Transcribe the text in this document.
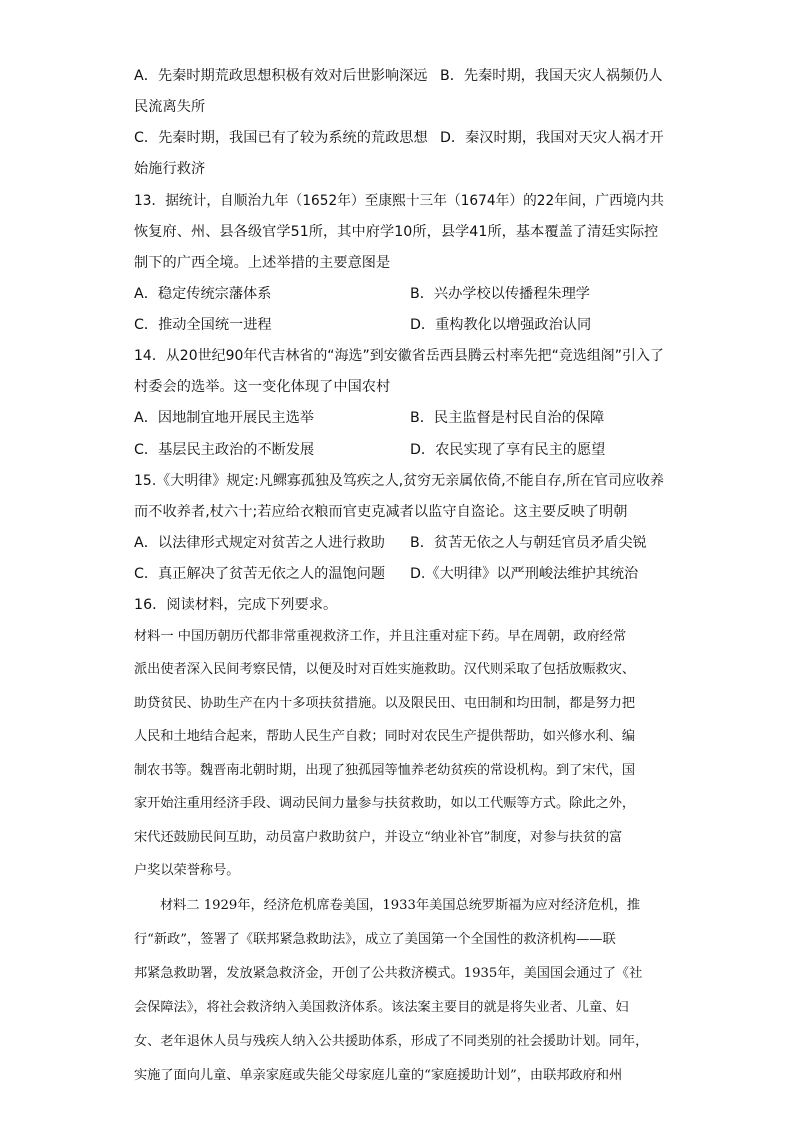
A．先秦时期荒政思想积极有效对后世影响深远 B．先秦时期，我国天灾人祸频仍人
民流离失所
C．先秦时期，我国已有了较为系统的荒政思想 D．秦汉时期，我国对天灾人祸才开
始施行救济
13．据统计，自顺治九年（1652年）至康熙十三年（1674年）的22年间，广西境内共
恢复府、州、县各级官学51所，其中府学10所，县学41所，基本覆盖了清廷实际控
制下的广西全境。上述举措的主要意图是
A．稳定传统宗藩体系	B．兴办学校以传播程朱理学
C．推动全国统一进程	D．重构教化以增强政治认同
14．从20世纪90年代吉林省的“海选”到安徽省岳西县腾云村率先把“竞选组阁”引入了
村委会的选举。这一变化体现了中国农村
A．因地制宜地开展民主选举	B．民主监督是村民自治的保障
C．基层民主政治的不断发展	D．农民实现了享有民主的愿望
15.《大明律》规定:凡鳏寡孤独及笃疾之人,贫穷无亲属依倚,不能自存,所在官司应收养
而不收养者,杖六十;若应给衣粮而官吏克减者以监守自盗论。这主要反映了明朝
A．以法律形式规定对贫苦之人进行救助 B．贫苦无依之人与朝廷官员矛盾尖锐
C．真正解决了贫苦无依之人的温饱问题 D.《大明律》以严刑峻法维护其统治
16．阅读材料，完成下列要求。
材料一 中国历朝历代都非常重视救济工作，并且注重对症下药。早在周朝，政府经常
派出使者深入民间考察民情，以便及时对百姓实施救助。汉代则采取了包括放赈救灾、
助贷贫民、协助生产在内十多项扶贫措施。以及限民田、屯田制和均田制，都是努力把
人民和土地结合起来，帮助人民生产自救；同时对农民生产提供帮助，如兴修水利、编
制农书等。魏晋南北朝时期，出现了独孤园等恤养老幼贫疾的常设机构。到了宋代，国
家开始注重用经济手段、调动民间力量参与扶贫救助，如以工代赈等方式。除此之外，
宋代还鼓励民间互助，动员富户救助贫户，并设立“纳业补官”制度，对参与扶贫的富
户奖以荣誉称号。
材料二 1929年，经济危机席卷美国，1933年美国总统罗斯福为应对经济危机，推
行“新政”，签署了《联邦紧急救助法》，成立了美国第一个全国性的救济机构——联
邦紧急救助署，发放紧急救济金，开创了公共救济模式。1935年，美国国会通过了《社
会保障法》，将社会救济纳入美国救济体系。该法案主要目的就是将失业者、儿童、妇
女、老年退休人员与残疾人纳入公共援助体系，形成了不同类别的社会援助计划。同年，
实施了面向儿童、单亲家庭或失能父母家庭儿童的“家庭援助计划”，由联邦政府和州
